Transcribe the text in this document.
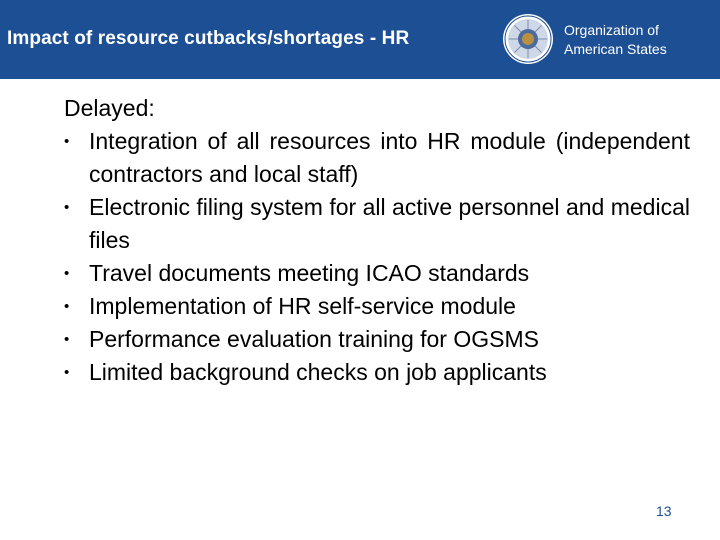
Impact of resource cutbacks/shortages - HR	Organization of
American States

Delayed:

• Integration of all resources into HR module (independent contractors and local staff)
• Electronic filing system for all active personnel and medical files
• Travel documents meeting ICAO standards
• Implementation of HR self-service module
• Performance evaluation training for OGSMS
• Limited background checks on job applicants
13
